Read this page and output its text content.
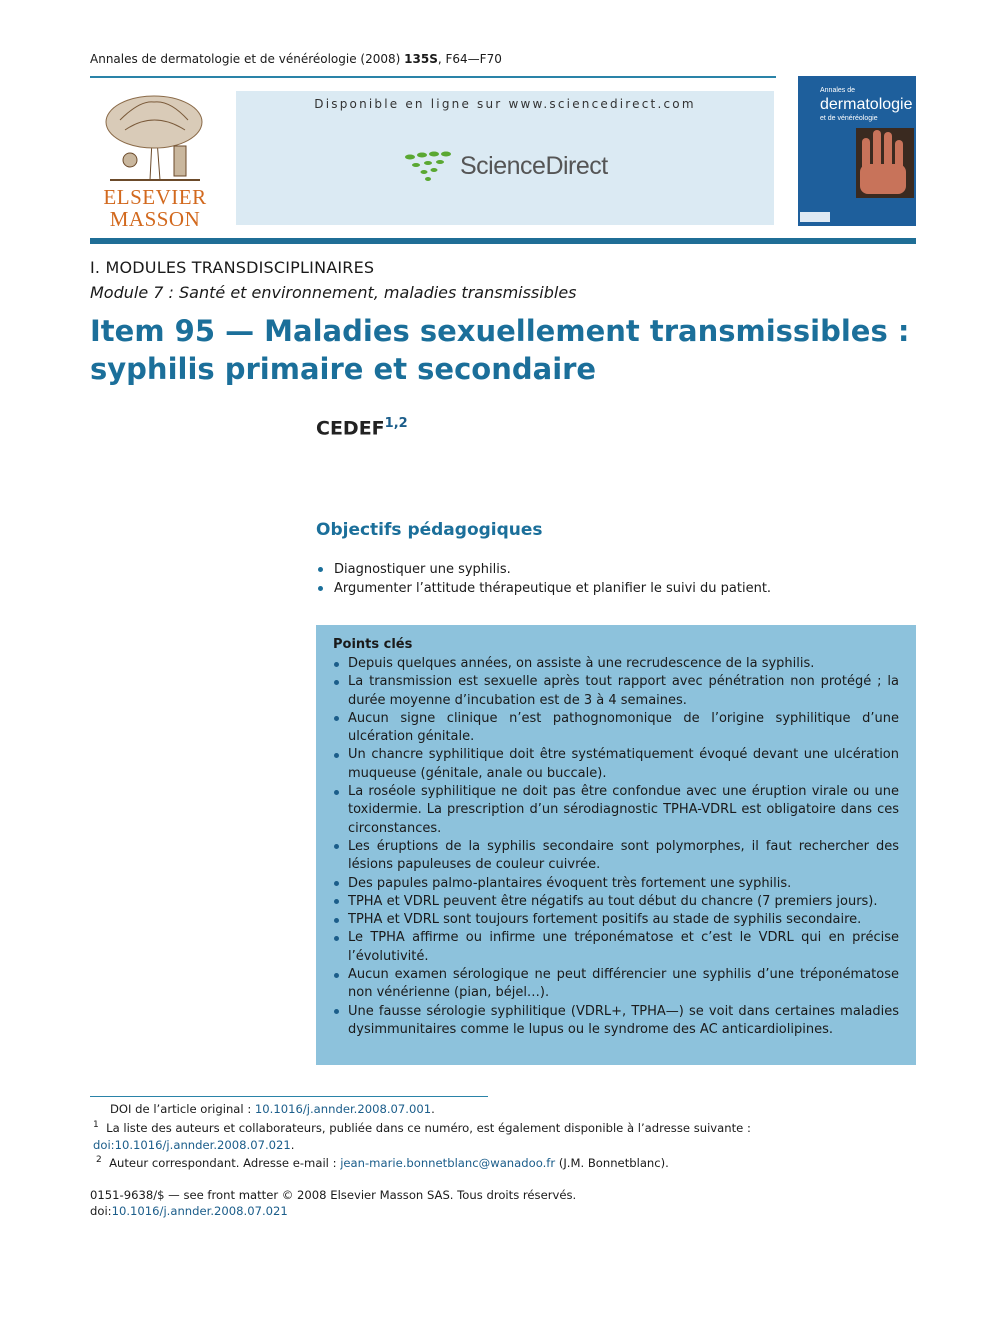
Annales de dermatologie et de vénéréologie (2008) 135S, F64—F70
ELSEVIER
MASSON
Disponible en ligne sur www.sciencedirect.com
ScienceDirect
Annales de
dermatologie
et de vénéréologie
I. MODULES TRANSDISCIPLINAIRES
Module 7 : Santé et environnement, maladies transmissibles
Item 95 — Maladies sexuellement transmissibles : syphilis primaire et secondaire
CEDEF$^{1,2}$
Objectifs pédagogiques
Diagnostiquer une syphilis.
Argumenter l’attitude thérapeutique et planifier le suivi du patient.
Points clés
Depuis quelques années, on assiste à une recrudescence de la syphilis.
La transmission est sexuelle après tout rapport avec pénétration non protégé ; la durée moyenne d’incubation est de 3 à 4 semaines.
Aucun signe clinique n’est pathognomonique de l’origine syphilitique d’une ulcération génitale.
Un chancre syphilitique doit être systématiquement évoqué devant une ulcération muqueuse (génitale, anale ou buccale).
La roséole syphilitique ne doit pas être confondue avec une éruption virale ou une toxidermie. La prescription d’un sérodiagnostic TPHA-VDRL est obligatoire dans ces circonstances.
Les éruptions de la syphilis secondaire sont polymorphes, il faut rechercher des lésions papuleuses de couleur cuivrée.
Des papules palmo-plantaires évoquent très fortement une syphilis.
TPHA et VDRL peuvent être négatifs au tout début du chancre (7 premiers jours).
TPHA et VDRL sont toujours fortement positifs au stade de syphilis secondaire.
Le TPHA affirme ou infirme une tréponématose et c’est le VDRL qui en précise l’évolutivité.
Aucun examen sérologique ne peut différencier une syphilis d’une tréponématose non vénérienne (pian, béjel…).
Une fausse sérologie syphilitique (VDRL+, TPHA—) se voit dans certaines maladies dysimmunitaires comme le lupus ou le syndrome des AC anticardiolipines.
DOI de l’article original : 10.1016/j.annder.2008.07.001.
$^1$ La liste des auteurs et collaborateurs, publiée dans ce numéro, est également disponible à l’adresse suivante :
doi:10.1016/j.annder.2008.07.021.
$^2$ Auteur correspondant. Adresse e-mail : jean-marie.bonnetblanc@wanadoo.fr (J.M. Bonnetblanc).
0151-9638/$ — see front matter © 2008 Elsevier Masson SAS. Tous droits réservés.
doi:10.1016/j.annder.2008.07.021
